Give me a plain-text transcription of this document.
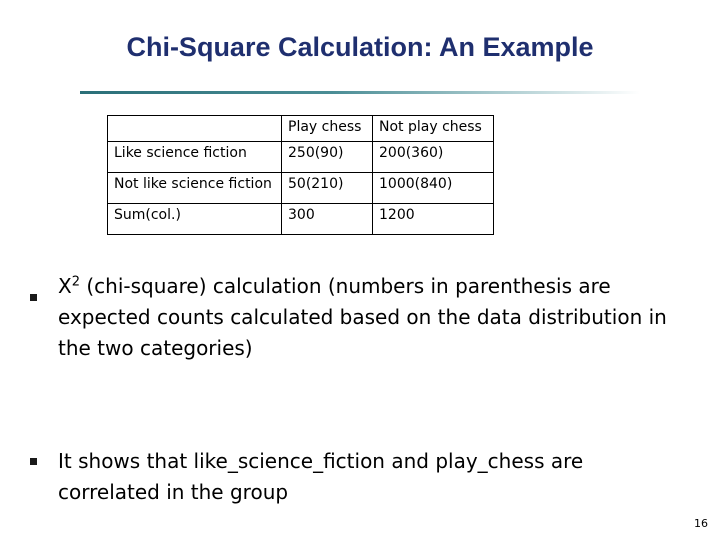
Chi-Square Calculation: An Example
	Play chess	Not play chess
Like science fiction	250(90)	200(360)
Not like science fiction	50(210)	1000(840)
Sum(col.)	300	1200
$X^2$ (chi-square) calculation (numbers in parenthesis are expected counts calculated based on the data distribution in the two categories)
It shows that like_science_fiction and play_chess are correlated in the group
16
